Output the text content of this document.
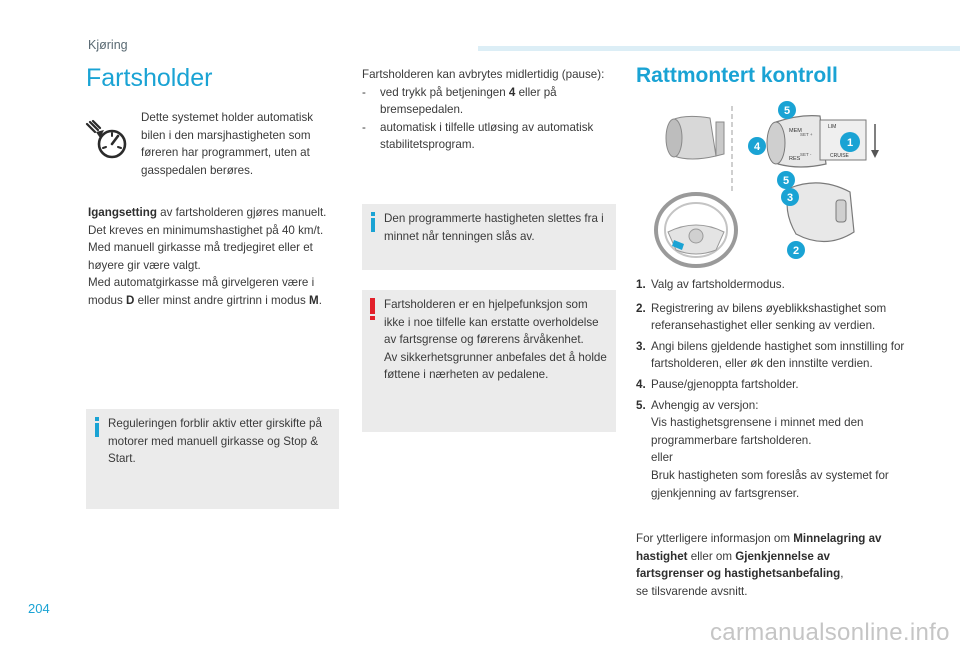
Kjøring
Fartsholder
Dette systemet holder automatisk bilen i den marsjhastigheten som føreren har programmert, uten at gasspedalen berøres.
Igangsetting av fartsholderen gjøres manuelt.
Det kreves en minimumshastighet på 40 km/t.
Med manuell girkasse må tredjegiret eller et høyere gir være valgt.
Med automatgirkasse må girvelgeren være i modus D eller minst andre girtrinn i modus M.
Reguleringen forblir aktiv etter girskifte på motorer med manuell girkasse og Stop & Start.
Fartsholderen kan avbrytes midlertidig (pause):
- ved trykk på betjeningen 4 eller på bremsepedalen.
- automatisk i tilfelle utløsing av automatisk stabilitetsprogram.
Den programmerte hastigheten slettes fra i minnet når tenningen slås av.
Fartsholderen er en hjelpefunksjon som ikke i noe tilfelle kan erstatte overholdelse av fartsgrense og førerens årvåkenhet.
Av sikkerhetsgrunner anbefales det å holde føttene i nærheten av pedalene.
Rattmontert kontroll
MEM
LIM
CRUISE
SET +
SET -
RES
5
4	1
5
3
2
1. Valg av fartsholdermodus.
2. Registrering av bilens øyeblikkshastighet som referansehastighet eller senking av verdien.
3. Angi bilens gjeldende hastighet som innstilling for fartsholderen, eller øk den innstilte verdien.
4. Pause/gjenoppta fartsholder.
5. Avhengig av versjon:
Vis hastighetsgrensene i minnet med den programmerbare fartsholderen.
eller
Bruk hastigheten som foreslås av systemet for gjenkjenning av fartsgrenser.
For ytterligere informasjon om Minnelagring av hastighet eller om Gjenkjennelse av fartsgrenser og hastighetsanbefaling,
se tilsvarende avsnitt.
204
carmanualsonline.info
